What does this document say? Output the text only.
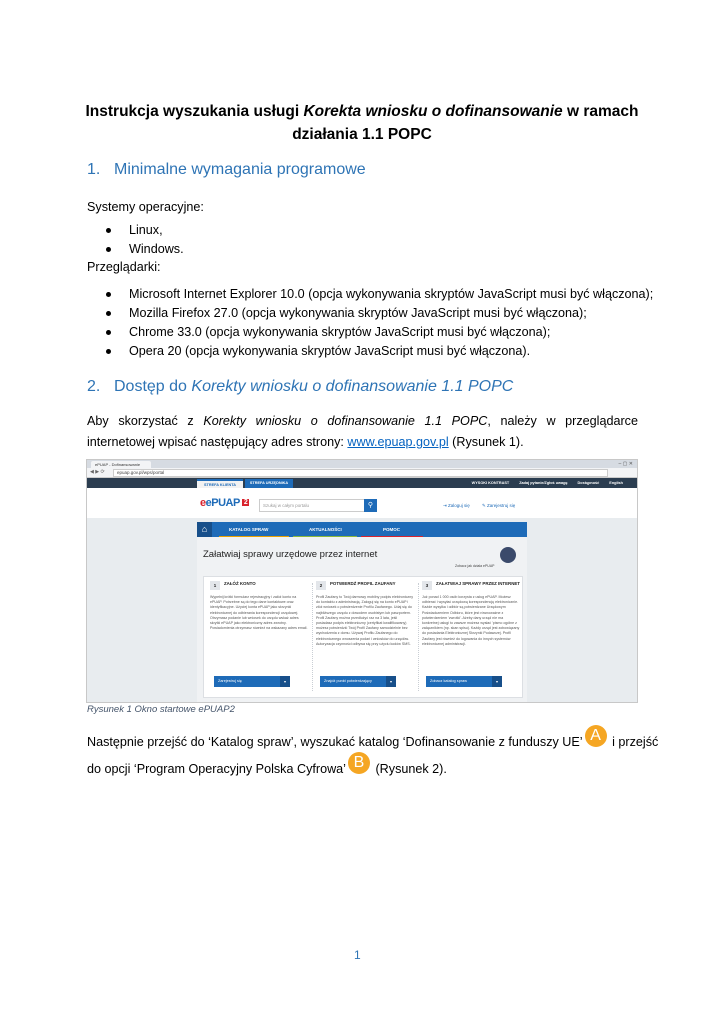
Instrukcja wyszukania usługi Korekta wniosku o dofinansowanie w ramach
działania 1.1 POPC
1. Minimalne wymagania programowe
Systemy operacyjne:
Linux,
Windows.
Przeglądarki:
Microsoft Internet Explorer 10.0 (opcja wykonywania skryptów JavaScript musi być włączona);
Mozilla Firefox 27.0 (opcja wykonywania skryptów JavaScript musi być włączona);
Chrome 33.0 (opcja wykonywania skryptów JavaScript musi być włączona);
Opera 20 (opcja wykonywania skryptów JavaScript musi być włączona).
2. Dostęp do Korekty wniosku o dofinansowanie 1.1 POPC
Aby skorzystać z Korekty wniosku o dofinansowanie 1.1 POPC, należy w przeglądarce internetowej wpisać następujący adres strony: www.epuap.gov.pl (Rysunek 1).
ePUAP - Dofinansowanie	– ▢ ✕
◀ ▶ ⟳	epuap.gov.pl/wps/portal
STREFA KLIENTA	STREFA URZĘDNIKA	WYSOKI KONTRAST	Zadaj pytanie/Zgłoś uwagę	Dostępność	English
eePUAP 2	Szukaj w całym portalu	⚲	⇥ Zaloguj się	✎ Zarejestruj się
⌂	KATALOG SPRAW	AKTUALNOŚCI	POMOC
Załatwiaj sprawy urzędowe przez internet
Zobacz jak działa ePUAP
1 ZAŁÓŻ KONTO
Wypełnij krótki formularz rejestracyjny i załóż konto na ePUAP. Potrzebne są do tego dane kontaktowe oraz identyfikacyjne. Użyciej konta ePUAP jako skrzynki elektronicznej do odbierania korespondencji urzędowej. Otrzymasz podanie lub wniosek do urzędu wskaż adres skrytki ePUAP jako elektroniczny adres zwrotny. Powiadomienia otrzymasz również na wskazany adres email.
Zarejestruj się	▾
2 POTWIERDŹ PROFIL ZAUFANY
Profil Zaufany to Twój darmowy mobilny podpis elektroniczny do kontaktu z administracją. Zaloguj się na konto ePUAP i złóż wniosek o potwierdzenie Profilu Zaufanego. Udaj się do najbliższego urzędu z dowodem osobistym lub paszportem. Profil Zaufany można przedłużyć raz na 3 lata, jeśli posiadasz podpis elektroniczny (certyfikat kwalifikowany) możesz potwierdzić Twój Profil Zaufany samodzielnie bez wychodzenia z domu. Używaj Profilu Zaufanego do elektronicznego wnoszenia podań i wniosków do urzędów. Autoryzacja czynności odbywa się przy użyciu kodów SMS.
Znajdź punkt potwierdzający	▾
3 ZAŁATWIAJ SPRAWY PRZEZ INTERNET
Już ponad 1 000 osób korzysta z usług ePUAP. Możesz odbierać i wysyłać urzędową korespondencję elektronicznie. Każde wysyłka i odbiór są potwierdzane Urzędowym Poświadczeniem Odbioru, które jest równoważne z potwierdzeniem 'zwrotki'. Ażeby dany urząd nie ma konkretnej usługi to zawsze możesz wysłać 'pismo ogólne z załącznikiem (np. skan spisu). Każdy urząd jest zobowiązany do posiadania Elektronicznej Skrzynki Podawczej. Profil Zaufany jest również do logowania do innych systemów elektronicznej administracji.
Zobacz katalog spraw	▾
Rysunek 1 Okno startowe ePUAP2
Następnie przejść do ‘Katalog spraw’, wyszukać katalog ‘Dofinansowanie z funduszy UE’ A i przejść
do opcji ‘Program Operacyjny Polska Cyfrowa’ B (Rysunek 2).
1
